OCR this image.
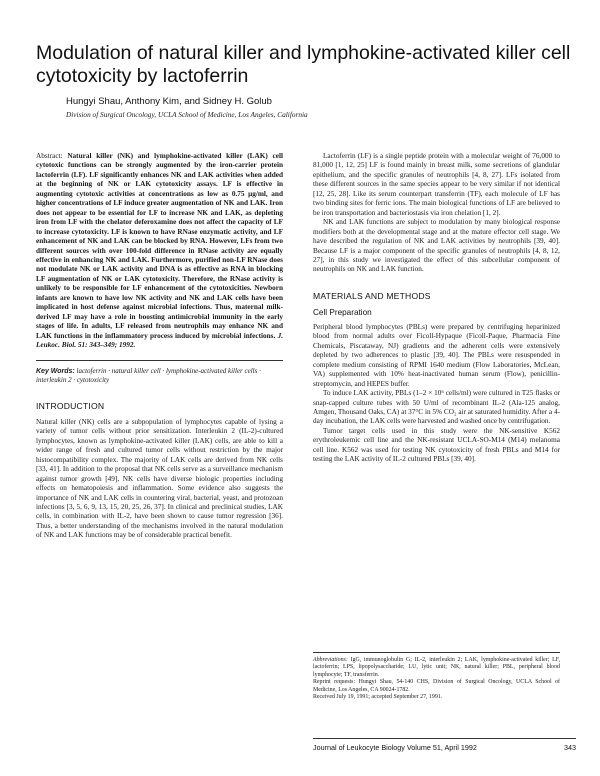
Modulation of natural killer and lymphokine-activated killer cell cytotoxicity by lactoferrin
Hungyi Shau, Anthony Kim, and Sidney H. Golub
Division of Surgical Oncology, UCLA School of Medicine, Los Angeles, California

Abstract: Natural killer (NK) and lymphokine-activated killer (LAK) cell cytotoxic functions can be strongly augmented by the iron-carrier protein lactoferrin (LF). LF significantly enhances NK and LAK activities when added at the beginning of NK or LAK cytotoxicity assays. LF is effective in augmenting cytotoxic activities at concentrations as low as 0.75 μg/ml, and higher concentrations of LF induce greater augmentation of NK and LAK. Iron does not appear to be essential for LF to increase NK and LAK, as depleting iron from LF with the chelator deferoxamine does not affect the capacity of LF to increase cytotoxicity. LF is known to have RNase enzymatic activity, and LF enhancement of NK and LAK can be blocked by RNA. However, LFs from two different sources with over 100-fold difference in RNase activity are equally effective in enhancing NK and LAK. Furthermore, purified non-LF RNase does not modulate NK or LAK activity and DNA is as effective as RNA in blocking LF augmentation of NK or LAK cytotoxicity. Therefore, the RNase activity is unlikely to be responsible for LF enhancement of the cytotoxicities. Newborn infants are known to have low NK activity and NK and LAK cells have been implicated in host defense against microbial infections. Thus, maternal milk-derived LF may have a role in boosting antimicrobial immunity in the early stages of life. In adults, LF released from neutrophils may enhance NK and LAK functions in the inflammatory process induced by microbial infections. J. Leukoc. Biol. 51: 343–349; 1992.

Key Words: lactoferrin · natural killer cell · lymphokine-activated killer cells · interleukin 2 · cytotoxicity
INTRODUCTION

Natural killer (NK) cells are a subpopulation of lymphocytes capable of lysing a variety of tumor cells without prior sensitization. Interleukin 2 (IL-2)-cultured lymphocytes, known as lymphokine-activated killer (LAK) cells, are able to kill a wider range of fresh and cultured tumor cells without restriction by the major histocompatibility complex. The majority of LAK cells are derived from NK cells [33, 41]. In addition to the proposal that NK cells serve as a surveillance mechanism against tumor growth [49], NK cells have diverse biologic properties including effects on hematopoiesis and inflammation. Some evidence also suggests the importance of NK and LAK cells in countering viral, bacterial, yeast, and protozoan infections [3, 5, 6, 9, 13, 15, 20, 25, 26, 37]. In clinical and preclinical studies, LAK cells, in combination with IL-2, have been shown to cause tumor regression [36]. Thus, a better understanding of the mechanisms involved in the natural modulation of NK and LAK functions may be of considerable practical benefit.

Lactoferrin (LF) is a single peptide protein with a molecular weight of 76,000 to 81,000 [1, 12, 25] LF is found mainly in breast milk, some secretions of glandular epithelium, and the specific granules of neutrophils [4, 8, 27]. LFs isolated from these different sources in the same species appear to be very similar if not identical [12, 25, 28]. Like its serum counterpart transferrin (TF), each molecule of LF has two binding sites for ferric ions. The main biological functions of LF are believed to be iron transportation and bacteriostasis via iron chelation [1, 2].

NK and LAK functions are subject to modulation by many biological response modifiers both at the developmental stage and at the mature effector cell stage. We have described the regulation of NK and LAK activities by neutrophils [39, 40]. Because LF is a major component of the specific granules of neutrophils [4, 8, 12, 27], in this study we investigated the effect of this subcellular component of neutrophils on NK and LAK function.

MATERIALS AND METHODS
Cell Preparation

Peripheral blood lymphocytes (PBLs) were prepared by centrifuging heparinized blood from normal adults over Ficoll-Hypaque (Ficoll-Paque, Pharmacia Fine Chemicals, Piscataway, NJ) gradients and the adherent cells were extensively depleted by two adherences to plastic [39, 40]. The PBLs were resuspended in complete medium consisting of RPMI 1640 medium (Flow Laboratories, McLean, VA) supplemented with 10% heat-inactivated human serum (Flow), penicillin-streptomycin, and HEPES buffer.

To induce LAK activity, PBLs (1–2 × 10⁶ cells/ml) were cultured in T25 flasks or snap-capped culture tubes with 50 U/ml of recombinant IL-2 (Ala-125 analog, Amgen, Thousand Oaks, CA) at 37°C in 5% CO₂ air at saturated humidity. After a 4-day incubation, the LAK cells were harvested and washed once by centrifugation.

Tumor target cells used in this study were the NK-sensitive K562 erythroleukemic cell line and the NK-resistant UCLA-SO-M14 (M14) melanoma cell line. K562 was used for testing NK cytotoxicity of fresh PBLs and M14 for testing the LAK activity of IL-2 cultured PBLs [39, 40].

Abbreviations: IgG, immunoglobulin G; IL-2, interleukin 2; LAK, lymphokine-activated killer; LF, lactoferrin; LPS, lipopolysaccharide; LU, lytic unit; NK, natural killer; PBL, peripheral blood lymphocyte; TF, transferrin.

Reprint requests: Hungyi Shau, 54-140 CHS, Division of Surgical Oncology, UCLA School of Medicine, Los Angeles, CA 90024-1782.

Received July 19, 1991; accepted September 27, 1991.

Journal of Leukocyte Biology Volume 51, April 1992	343
